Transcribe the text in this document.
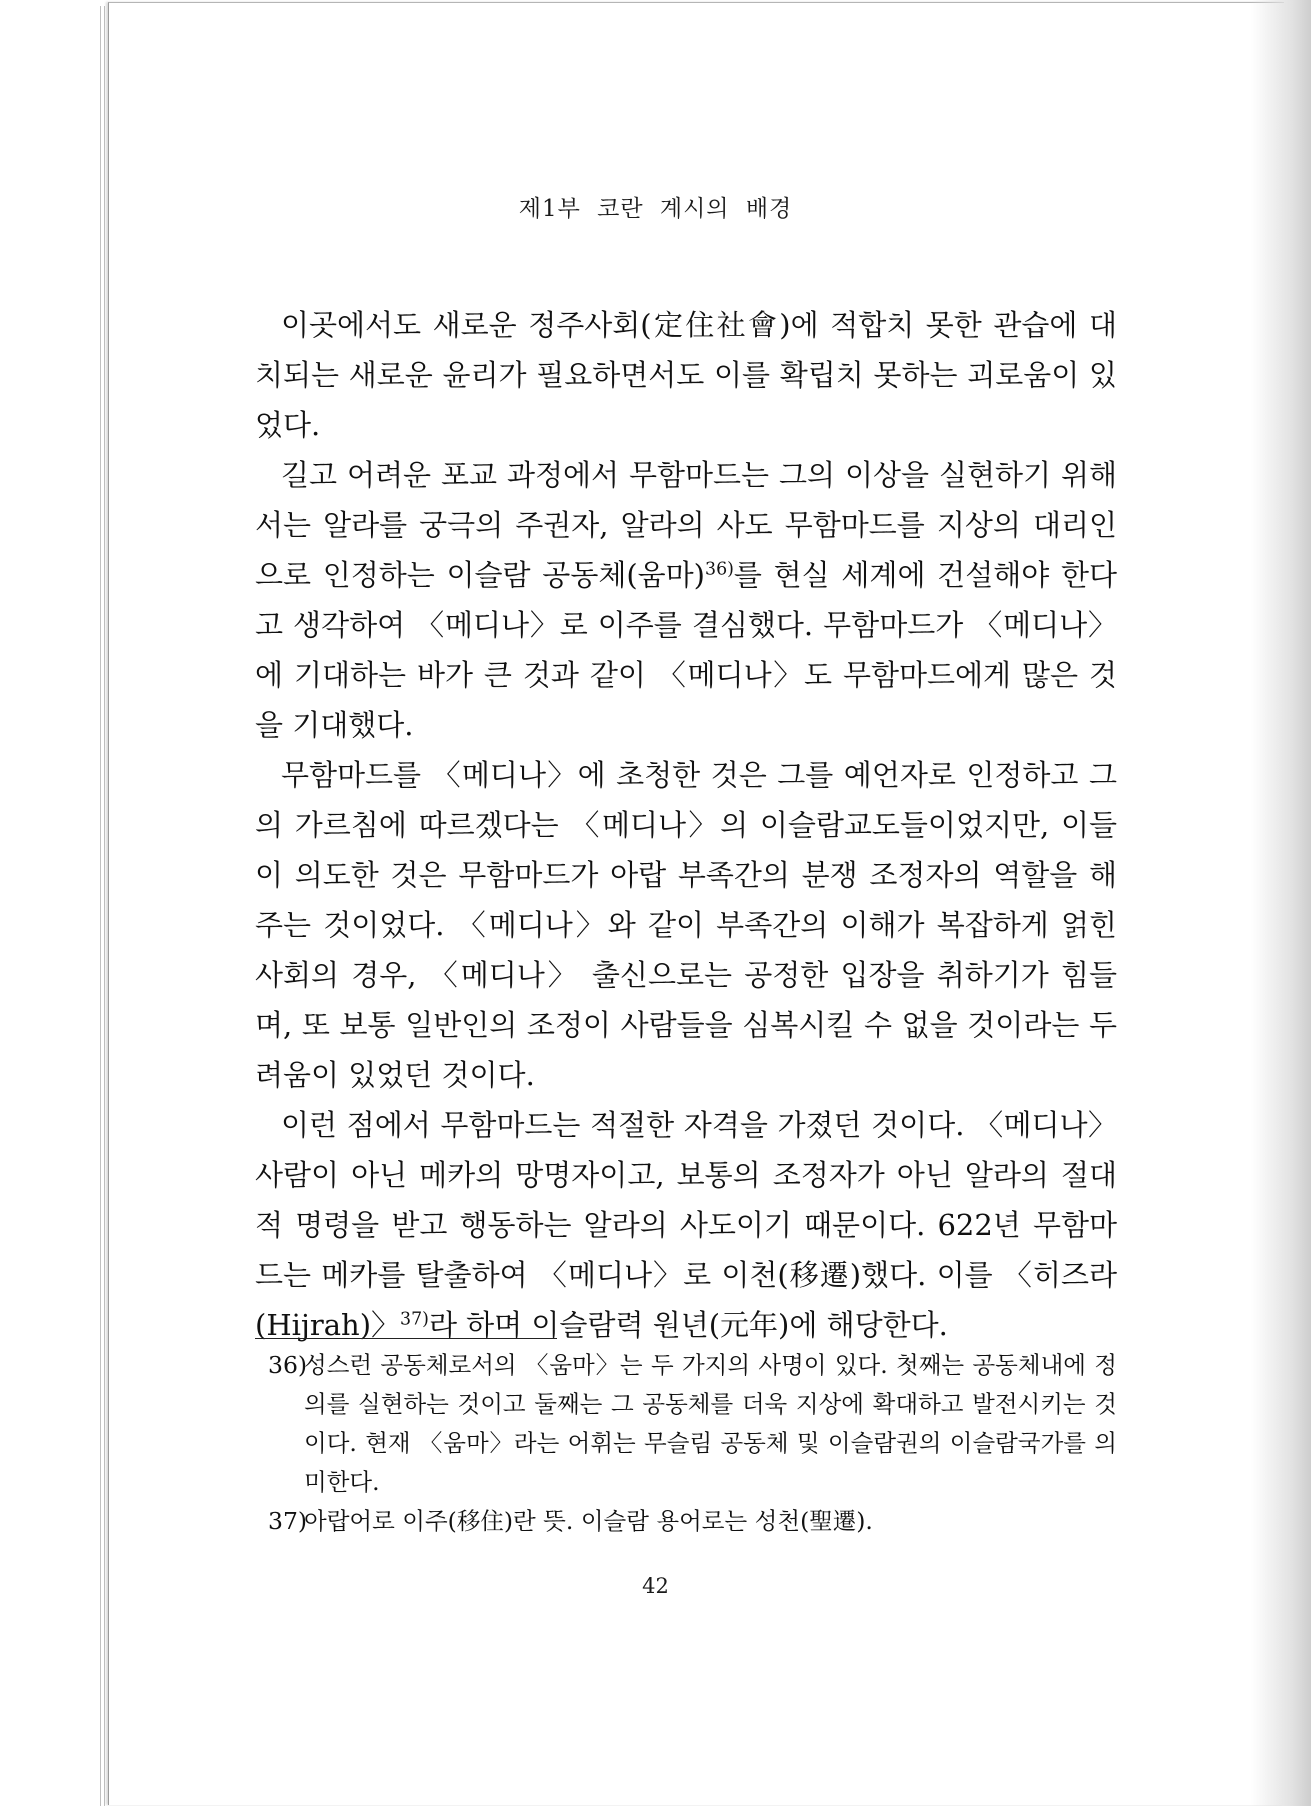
제1부 코란 계시의 배경

이곳에서도 새로운 정주사회(定住社會)에 적합치 못한 관습에 대치되는 새로운 윤리가 필요하면서도 이를 확립치 못하는 괴로움이 있었다.

길고 어려운 포교 과정에서 무함마드는 그의 이상을 실현하기 위해서는 알라를 궁극의 주권자, 알라의 사도 무함마드를 지상의 대리인으로 인정하는 이슬람 공동체(움마)$^{36)}$를 현실 세계에 건설해야 한다고 생각하여 〈메디나〉로 이주를 결심했다. 무함마드가 〈메디나〉에 기대하는 바가 큰 것과 같이 〈메디나〉도 무함마드에게 많은 것을 기대했다.

무함마드를 〈메디나〉에 초청한 것은 그를 예언자로 인정하고 그의 가르침에 따르겠다는 〈메디나〉의 이슬람교도들이었지만, 이들이 의도한 것은 무함마드가 아랍 부족간의 분쟁 조정자의 역할을 해주는 것이었다. 〈메디나〉와 같이 부족간의 이해가 복잡하게 얽힌 사회의 경우, 〈메디나〉 출신으로는 공정한 입장을 취하기가 힘들며, 또 보통 일반인의 조정이 사람들을 심복시킬 수 없을 것이라는 두려움이 있었던 것이다.

이런 점에서 무함마드는 적절한 자격을 가졌던 것이다. 〈메디나〉 사람이 아닌 메카의 망명자이고, 보통의 조정자가 아닌 알라의 절대적 명령을 받고 행동하는 알라의 사도이기 때문이다. 622년 무함마드는 메카를 탈출하여 〈메디나〉로 이천(移遷)했다. 이를 〈히즈라(Hijrah)〉$^{37)}$라 하며 이슬람력 원년(元年)에 해당한다.

36)
성스런 공동체로서의 〈움마〉는 두 가지의 사명이 있다. 첫째는 공동체내에 정의를 실현하는 것이고 둘째는 그 공동체를 더욱 지상에 확대하고 발전시키는 것이다. 현재 〈움마〉라는 어휘는 무슬림 공동체 및 이슬람권의 이슬람국가를 의미한다.

37)
아랍어로 이주(移住)란 뜻. 이슬람 용어로는 성천(聖遷).

42
